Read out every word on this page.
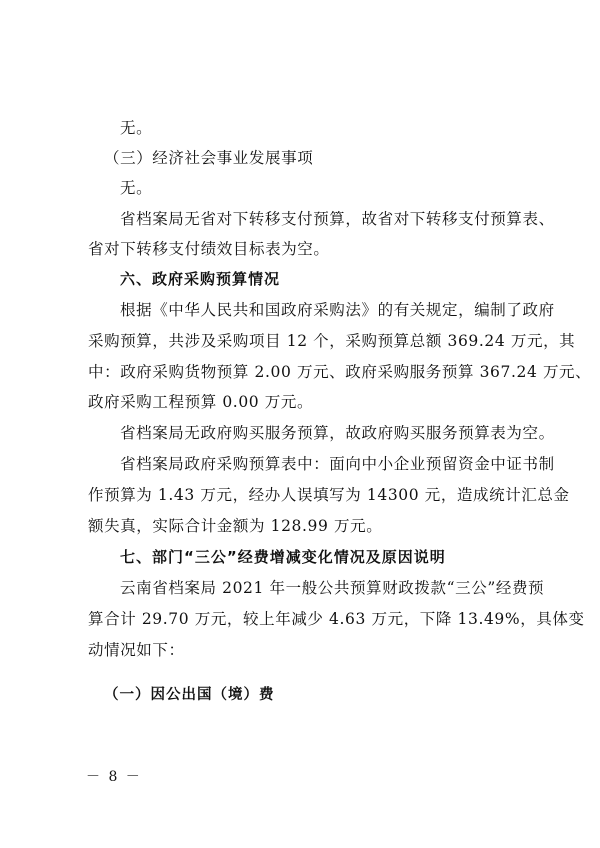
无。
（三）经济社会事业发展事项
无。
省档案局无省对下转移支付预算，故省对下转移支付预算表、
省对下转移支付绩效目标表为空。
六、政府采购预算情况
根据《中华人民共和国政府采购法》的有关规定，编制了政府
采购预算，共涉及采购项目 12 个，采购预算总额 369.24 万元，其
中：政府采购货物预算 2.00 万元、政府采购服务预算 367.24 万元、
政府采购工程预算 0.00 万元。
省档案局无政府购买服务预算，故政府购买服务预算表为空。
省档案局政府采购预算表中：面向中小企业预留资金中证书制
作预算为 1.43 万元，经办人误填写为 14300 元，造成统计汇总金
额失真，实际合计金额为 128.99 万元。
七、部门“三公”经费增减变化情况及原因说明
云南省档案局 2021 年一般公共预算财政拨款“三公”经费预
算合计 29.70 万元，较上年减少 4.63 万元，下降 13.49%，具体变
动情况如下：
（一）因公出国（境）费
－ 8 －
